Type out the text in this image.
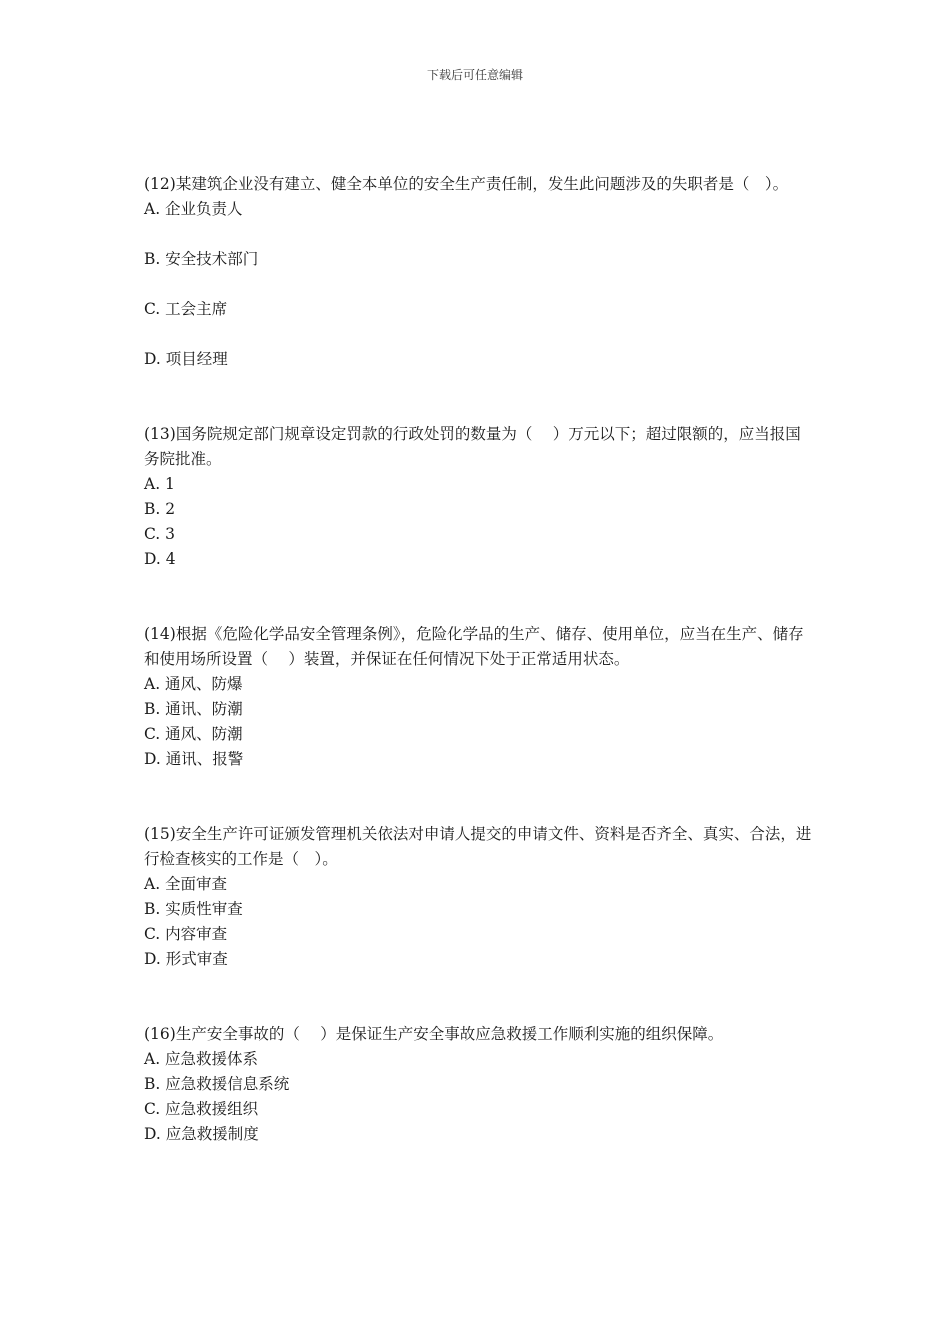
下载后可任意编辑

(12)某建筑企业没有建立、健全本单位的安全生产责任制，发生此问题涉及的失职者是（　）。

A. 企业负责人

B. 安全技术部门

C. 工会主席

D. 项目经理

(13)国务院规定部门规章设定罚款的行政处罚的数量为（　 ）万元以下；超过限额的，应当报国务院批准。

A. 1

B. 2

C. 3

D. 4

(14)根据《危险化学品安全管理条例》，危险化学品的生产、储存、使用单位，应当在生产、储存和使用场所设置（　 ）装置，并保证在任何情况下处于正常适用状态。

A. 通风、防爆

B. 通讯、防潮

C. 通风、防潮

D. 通讯、报警

(15)安全生产许可证颁发管理机关依法对申请人提交的申请文件、资料是否齐全、真实、合法，进行检查核实的工作是（　）。

A. 全面审查

B. 实质性审查

C. 内容审查

D. 形式审查

(16)生产安全事故的（　 ）是保证生产安全事故应急救援工作顺利实施的组织保障。

A. 应急救援体系

B. 应急救援信息系统

C. 应急救援组织

D. 应急救援制度
